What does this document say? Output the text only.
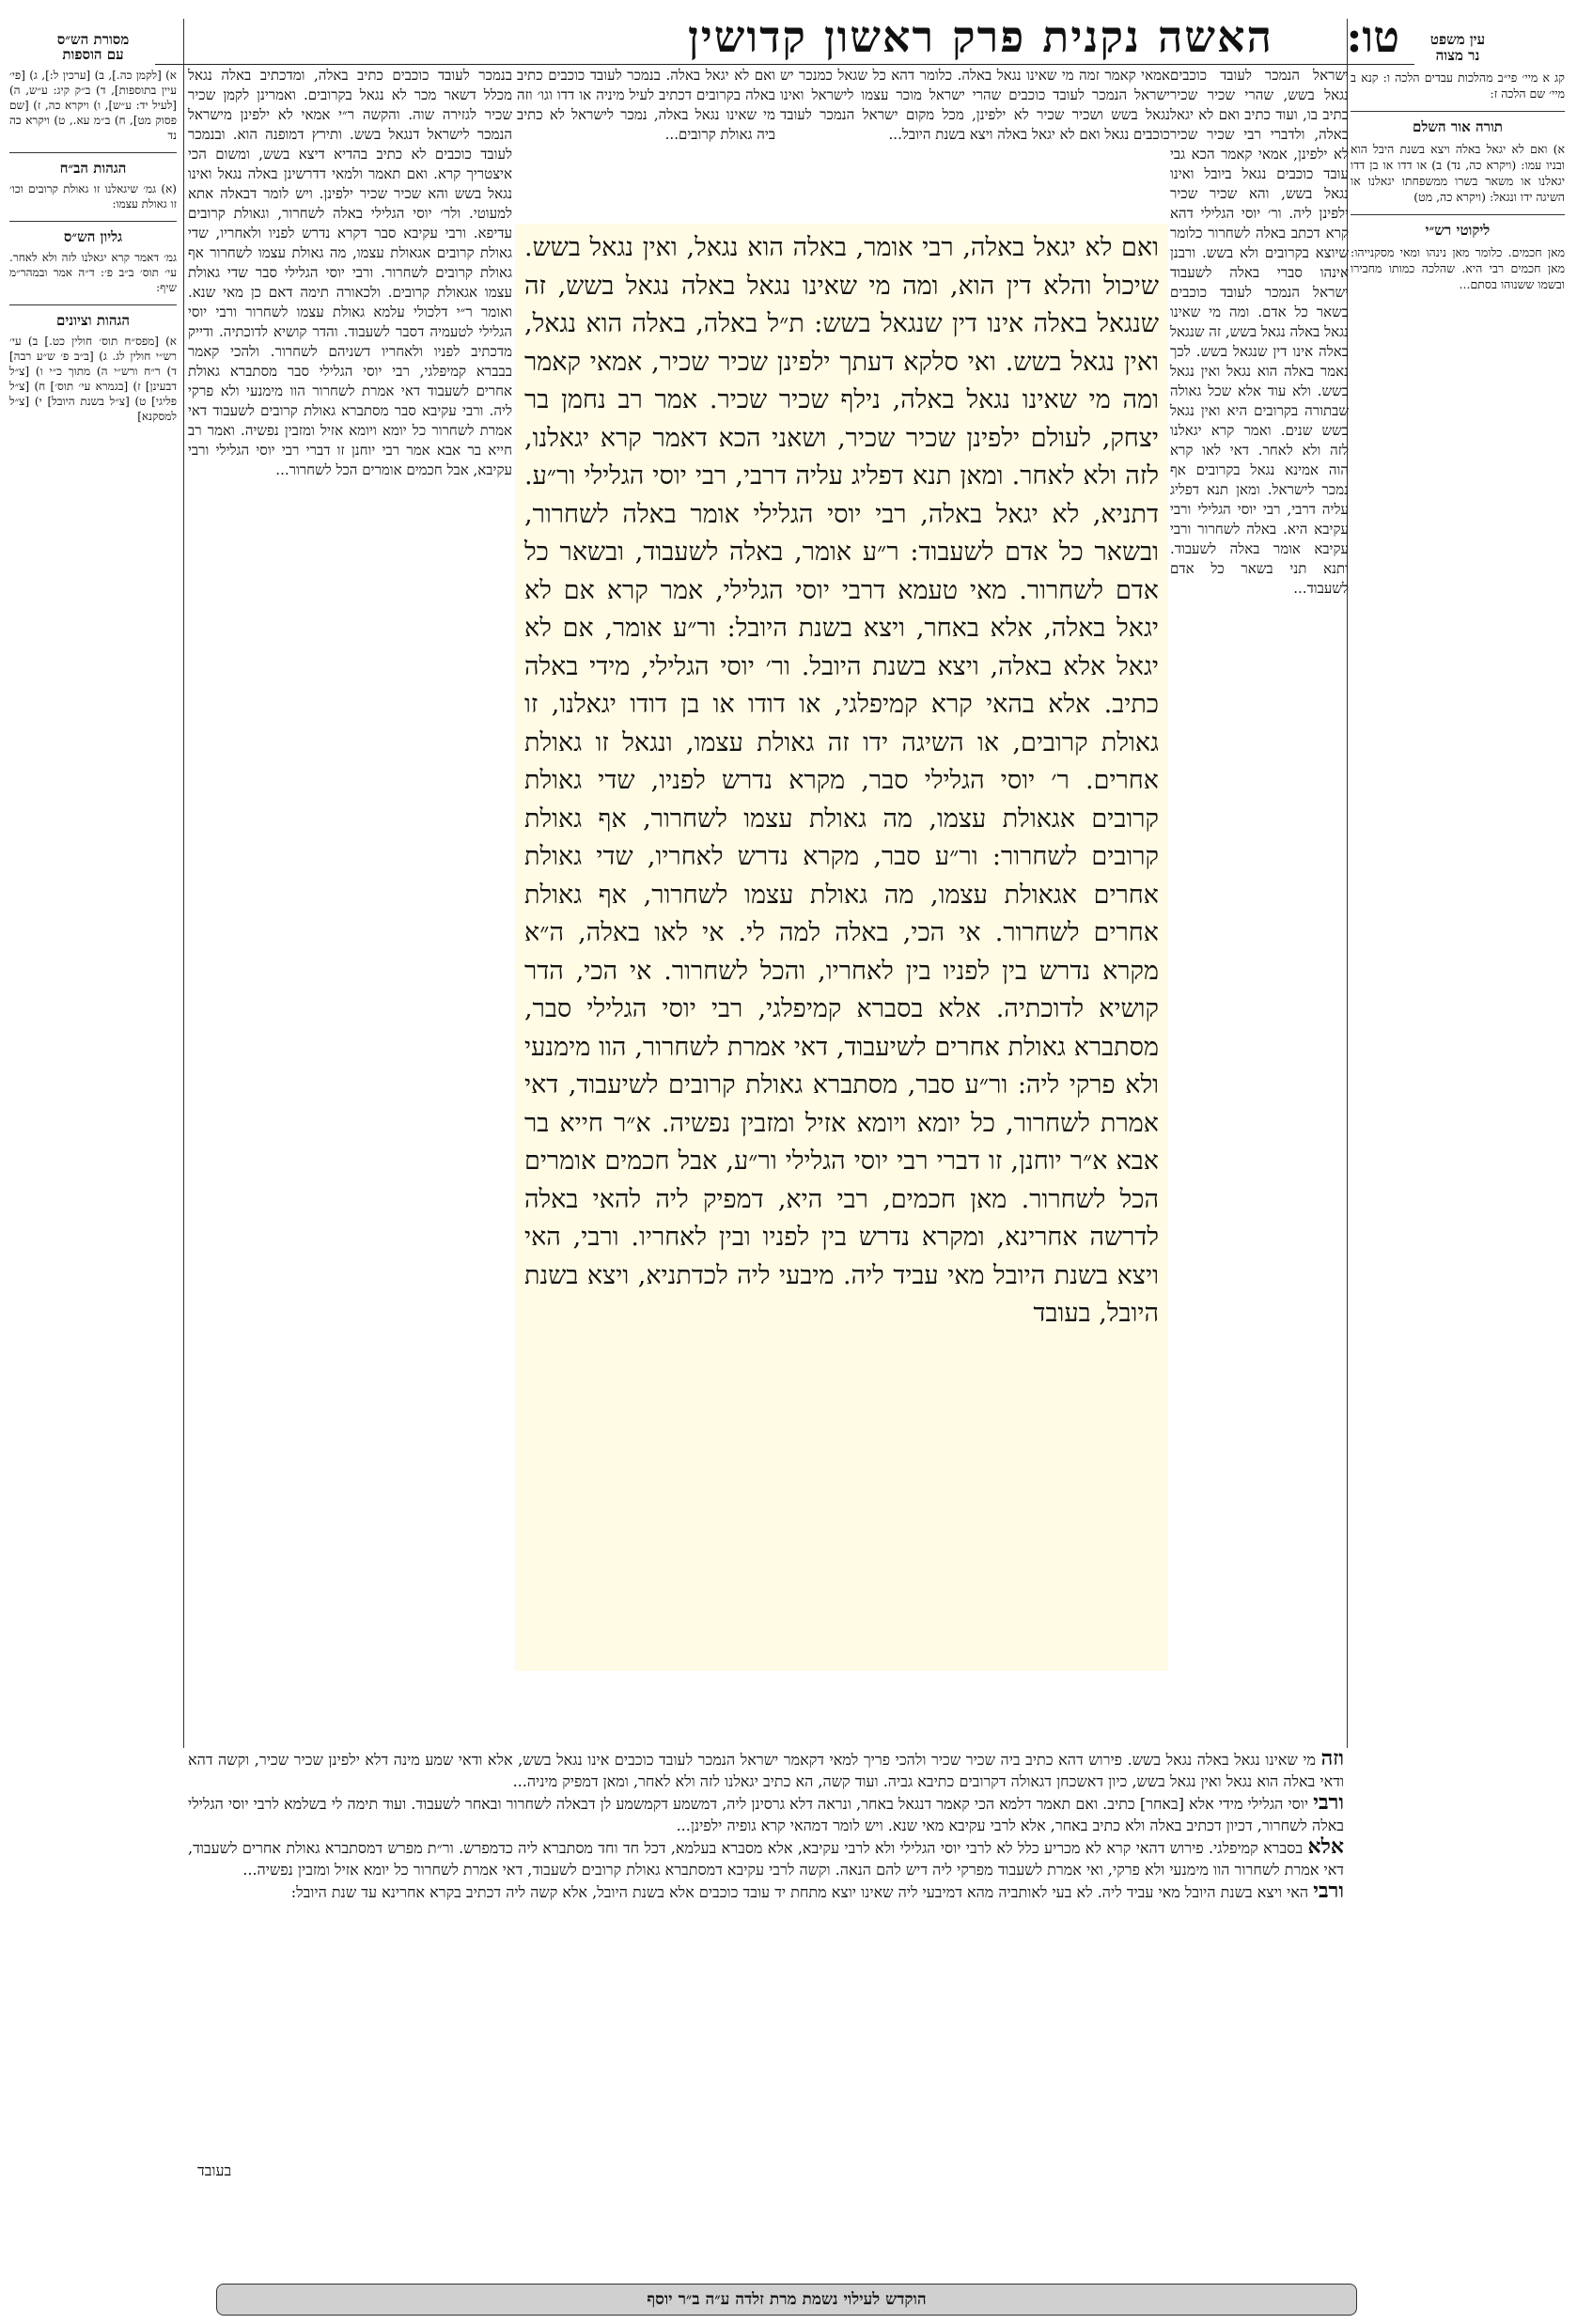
טו:
האשה נקנית פרק ראשון קדושין	עין משפט
נר מצוה
קג א מיי׳ פי״ב מהלכות עבדים הלכה ו: קנא ב מיי׳ שם הלכה ז:
תורה אור השלם
א) ואם לא יגאל באלה ויצא בשנת היבל הוא ובניו עמו: (ויקרא כה, נד) ב) או דדו או בן דדו יגאלנו או משאר בשרו ממשפחתו יגאלנו או השיגה ידו ונגאל: (ויקרא כה, מט)
ליקוטי רש״י
מאן חכמים. כלומר מאן נינהו ומאי מסקנייהו: מאן חכמים רבי היא. שהלכה כמותו מחבירו ובשמו ששנוהו בסתם...
מסורת הש״ס
עם הוספות
א) [לקמן כה.], ב) [ערכין ל:], ג) [פי׳ עיין בתוספות], ד) ב״ק קיג: ע״ש, ה) [לעיל יד: ע״ש], ו) ויקרא כה, ז) [שם פסוק מט], ח) ב״מ עא., ט) ויקרא כה נד
הגהות הב״ח
(א) גמ׳ שיגאלנו זו גאולת קרובים וכו׳ זו גאולת עצמו:
גליון הש״ס
גמ׳ דאמר קרא יגאלנו לזה ולא לאחר. עי׳ תוס׳ ב״ב פ׳: ד״ה אמר ובמהר״מ שיף:
הגהות וציונים
א) [מפס״ח תוס׳ חולין כט.] ב) עי׳ רש״י חולין לג. ג) [ב״ב פ׳ ש״ע רבה] ד) ר״ח ורש״י ה) מתוך כ״י ו) [צ״ל דבעינן] ז) [בגמרא עי׳ תוס׳] ח) [צ״ל פליגי] ט) [צ״ל בשנת היובל] י) [צ״ל למסקנא]
אמאי קאמר זמה מי שאינו נגאל באלה. כלומר דהא כל שגאל כמנכר יש ישראל הנמכר לעובד כוכבים שהרי ישראל מוכר עצמו לישראל ואינו נגאל בשש ושכיר שכיר לא ילפינן, מכל מקום ישראל הנמכר לעובד כוכבים נגאל ואם לא יגאל באלה ויצא בשנת היובל...
ואם לא יגאל באלה. בנמכר לעובד כוכבים כתיב באלה בקרובים דכתיב לעיל מיניה או דדו וגו׳ וזה מי שאינו נגאל באלה, נמכר לישראל לא כתיב ביה גאולת קרובים...
ישראל הנמכר לעובד כוכבים נגאל בשש, שהרי שכיר שכיר כתיב בו, ועוד כתיב ואם לא יגאל באלה, ולדברי רבי שכיר שכיר לא ילפינן, אמאי קאמר הכא גבי עובד כוכבים נגאל ביובל ואינו נגאל בשש, והא שכיר שכיר ילפינן ליה. ור׳ יוסי הגלילי דהא קרא דכתב באלה לשחרור כלומר שיוצא בקרובים ולא בשש. ורבנן אינהו סברי באלה לשעבוד ישראל הנמכר לעובד כוכבים בשאר כל אדם. ומה מי שאינו נגאל באלה נגאל בשש, זה שנגאל באלה אינו דין שנגאל בשש. לכך נאמר באלה הוא נגאל ואין נגאל בשש. ולא עוד אלא שכל גאולה שבתורה בקרובים היא ואין נגאל בשש שנים. ואמר קרא יגאלנו לזה ולא לאחר. דאי לאו קרא הוה אמינא נגאל בקרובים אף נמכר לישראל. ומאן תנא דפליג עליה דרבי, רבי יוסי הגלילי ורבי עקיבא היא. באלה לשחרור ורבי עקיבא אומר באלה לשעבוד. ותנא תני בשאר כל אדם לשעבוד...
בנמכר לעובד כוכבים כתיב באלה, ומדכתיב באלה נגאל מכלל דשאר מכר לא נגאל בקרובים. ואמרינן לקמן שכיר שכיר לגזירה שוה. והקשה ר״י אמאי לא ילפינן מישראל הנמכר לישראל דנגאל בשש. ותירץ דמופנה הוא. ובנמכר לעובד כוכבים לא כתיב בהדיא דיצא בשש, ומשום הכי איצטריך קרא. ואם תאמר ולמאי דדרשינן באלה נגאל ואינו נגאל בשש והא שכיר שכיר ילפינן. ויש לומר דבאלה אתא למעוטי. ולר׳ יוסי הגלילי באלה לשחרור, וגאולת קרובים עדיפא. ורבי עקיבא סבר דקרא נדרש לפניו ולאחריו, שדי גאולת קרובים אגאולת עצמו, מה גאולת עצמו לשחרור אף גאולת קרובים לשחרור. ורבי יוסי הגלילי סבר שדי גאולת עצמו אגאולת קרובים. ולכאורה תימה דאם כן מאי שנא. ואומר ר״י דלכולי עלמא גאולת עצמו לשחרור ורבי יוסי הגלילי לטעמיה דסבר לשעבוד. והדר קושיא לדוכתיה. ודייק מדכתיב לפניו ולאחריו דשניהם לשחרור. ולהכי קאמר בבברא קמיפלגי, רבי יוסי הגלילי סבר מסתברא גאולת אחרים לשעבוד דאי אמרת לשחרור הוו מימנעי ולא פרקי ליה. ורבי עקיבא סבר מסתברא גאולת קרובים לשעבוד דאי אמרת לשחרור כל יומא ויומא אזיל ומזבין נפשיה. ואמר רב חייא בר אבא אמר רבי יוחנן זו דברי רבי יוסי הגלילי ורבי עקיבא, אבל חכמים אומרים הכל לשחרור...
ואם לא יגאל באלה, רבי אומר, באלה הוא נגאל, ואין נגאל בשש. שיכול והלא דין הוא, ומה מי שאינו נגאל באלה נגאל בשש, זה שנגאל באלה אינו דין שנגאל בשש: ת״ל באלה, באלה הוא נגאל, ואין נגאל בשש. ואי סלקא דעתך ילפינן שכיר שכיר, אמאי קאמר ומה מי שאינו נגאל באלה, נילף שכיר שכיר. אמר רב נחמן בר יצחק, לעולם ילפינן שכיר שכיר, ושאני הכא דאמר קרא יגאלנו, לזה ולא לאחר. ומאן תנא דפליג עליה דרבי, רבי יוסי הגלילי ור״ע. דתניא, לא יגאל באלה, רבי יוסי הגלילי אומר באלה לשחרור, ובשאר כל אדם לשעבוד: ר״ע אומר, באלה לשעבוד, ובשאר כל אדם לשחרור. מאי טעמא דרבי יוסי הגלילי, אמר קרא אם לא יגאל באלה, אלא באחר, ויצא בשנת היובל: ור״ע אומר, אם לא יגאל אלא באלה, ויצא בשנת היובל. ור׳ יוסי הגלילי, מידי באלה כתיב. אלא בהאי קרא קמיפלגי, או דודו או בן דודו יגאלנו, זו גאולת קרובים, או השיגה ידו זה גאולת עצמו, ונגאל זו גאולת אחרים. ר׳ יוסי הגלילי סבר, מקרא נדרש לפניו, שדי גאולת קרובים אגאולת עצמו, מה גאולת עצמו לשחרור, אף גאולת קרובים לשחרור: ור״ע סבר, מקרא נדרש לאחריו, שדי גאולת אחרים אגאולת עצמו, מה גאולת עצמו לשחרור, אף גאולת אחרים לשחרור. אי הכי, באלה למה לי. אי לאו באלה, ה״א מקרא נדרש בין לפניו בין לאחריו, והכל לשחרור. אי הכי, הדר קושיא לדוכתיה. אלא בסברא קמיפלגי, רבי יוסי הגלילי סבר, מסתברא גאולת אחרים לשיעבוד, דאי אמרת לשחרור, הוו מימנעי ולא פרקי ליה: ור״ע סבר, מסתברא גאולת קרובים לשיעבוד, דאי אמרת לשחרור, כל יומא ויומא אזיל ומזבין נפשיה. א״ר חייא בר אבא א״ר יוחנן, זו דברי רבי יוסי הגלילי ור״ע, אבל חכמים אומרים הכל לשחרור. מאן חכמים, רבי היא, דמפיק ליה להאי באלה לדרשה אחרינא, ומקרא נדרש בין לפניו ובין לאחריו. ורבי, האי ויצא בשנת היובל מאי עביד ליה. מיבעי ליה לכדתניא, ויצא בשנת היובל, בעובד
וזה מי שאינו נגאל באלה נגאל בשש. פירוש דהא כתיב ביה שכיר שכיר ולהכי פריך למאי דקאמר ישראל הנמכר לעובד כוכבים אינו נגאל בשש, אלא ודאי שמע מינה דלא ילפינן שכיר שכיר, וקשה דהא ודאי באלה הוא נגאל ואין נגאל בשש, כיון דאשכחן דגאולה דקרובים כתיבא גביה. ועוד קשה, הא כתיב יגאלנו לזה ולא לאחר, ומאן דמפיק מיניה...
ורבי יוסי הגלילי מידי אלא [באחר] כתיב. ואם תאמר דלמא הכי קאמר דנגאל באחר, ונראה דלא גרסינן ליה, דמשמע דקמשמע לן דבאלה לשחרור ובאחר לשעבוד. ועוד תימה לי בשלמא לרבי יוסי הגלילי באלה לשחרור, דכיון דכתיב באלה ולא כתיב באחר, אלא לרבי עקיבא מאי שנא. ויש לומר דמהאי קרא גופיה ילפינן...
אלא בסברא קמיפלגי. פירוש דהאי קרא לא מכריע כלל לא לרבי יוסי הגלילי ולא לרבי עקיבא, אלא מסברא בעלמא, דכל חד וחד מסתברא ליה כדמפרש. ור״ת מפרש דמסתברא גאולת אחרים לשעבוד, דאי אמרת לשחרור הוו מימנעי ולא פרקי, ואי אמרת לשעבוד מפרקי ליה דיש להם הנאה. וקשה לרבי עקיבא דמסתברא גאולת קרובים לשעבוד, דאי אמרת לשחרור כל יומא אזיל ומזבין נפשיה...
ורבי האי ויצא בשנת היובל מאי עביד ליה. לא בעי לאותביה מהא דמיבעי ליה שאינו יוצא מתחת יד עובד כוכבים אלא בשנת היובל, אלא קשה ליה דכתיב בקרא אחרינא עד שנת היובל:
בעובד
הוקדש לעילוי נשמת מרת זלדה ע״ה ב״ר יוסף
